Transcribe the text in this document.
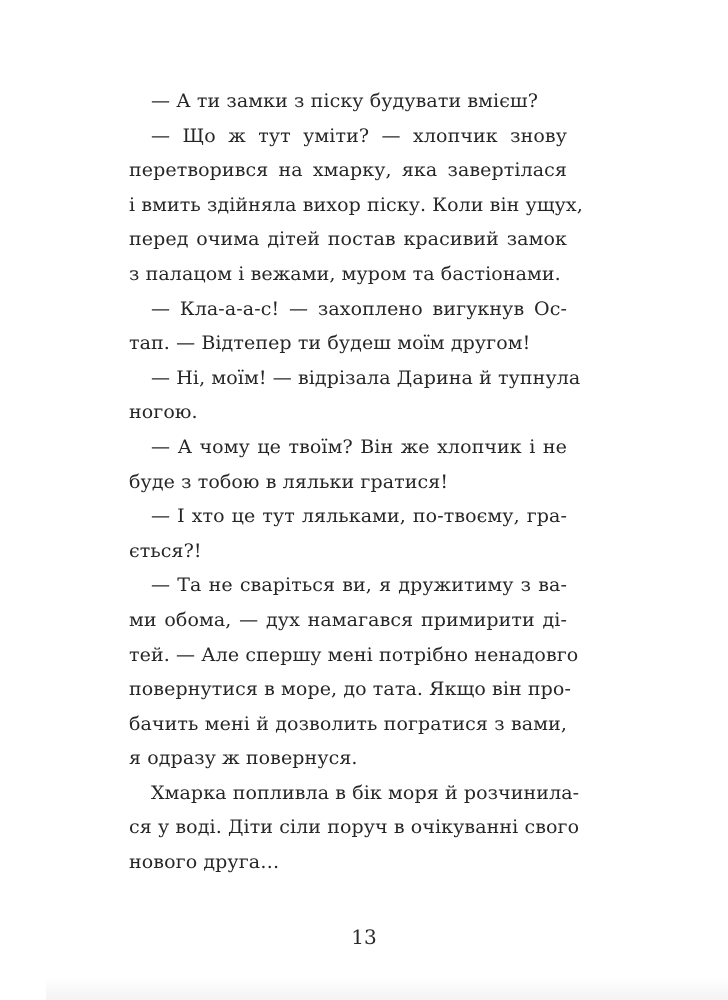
— А ти замки з піску будувати вмієш?
— Що ж тут уміти? — хлопчик знову
перетворився на хмарку, яка завертілася
і вмить здійняла вихор піску. Коли він ущух,
перед очима дітей постав красивий замок
з палацом і вежами, муром та бастіонами.
— Кла-а-а-с! — захоплено вигукнув Ос-
тап. — Відтепер ти будеш моїм другом!
— Ні, моїм! — відрізала Дарина й тупнула
ногою.
— А чому це твоїм? Він же хлопчик і не
буде з тобою в ляльки гратися!
— І хто це тут ляльками, по-твоєму, гра-
ється?!
— Та не сваріться ви, я дружитиму з ва-
ми обома, — дух намагався примирити ді-
тей. — Але спершу мені потрібно ненадовго
повернутися в море, до тата. Якщо він про-
бачить мені й дозволить погратися з вами,
я одразу ж повернуся.
Хмарка попливла в бік моря й розчинила-
ся у воді. Діти сіли поруч в очікуванні свого
нового друга…
13
